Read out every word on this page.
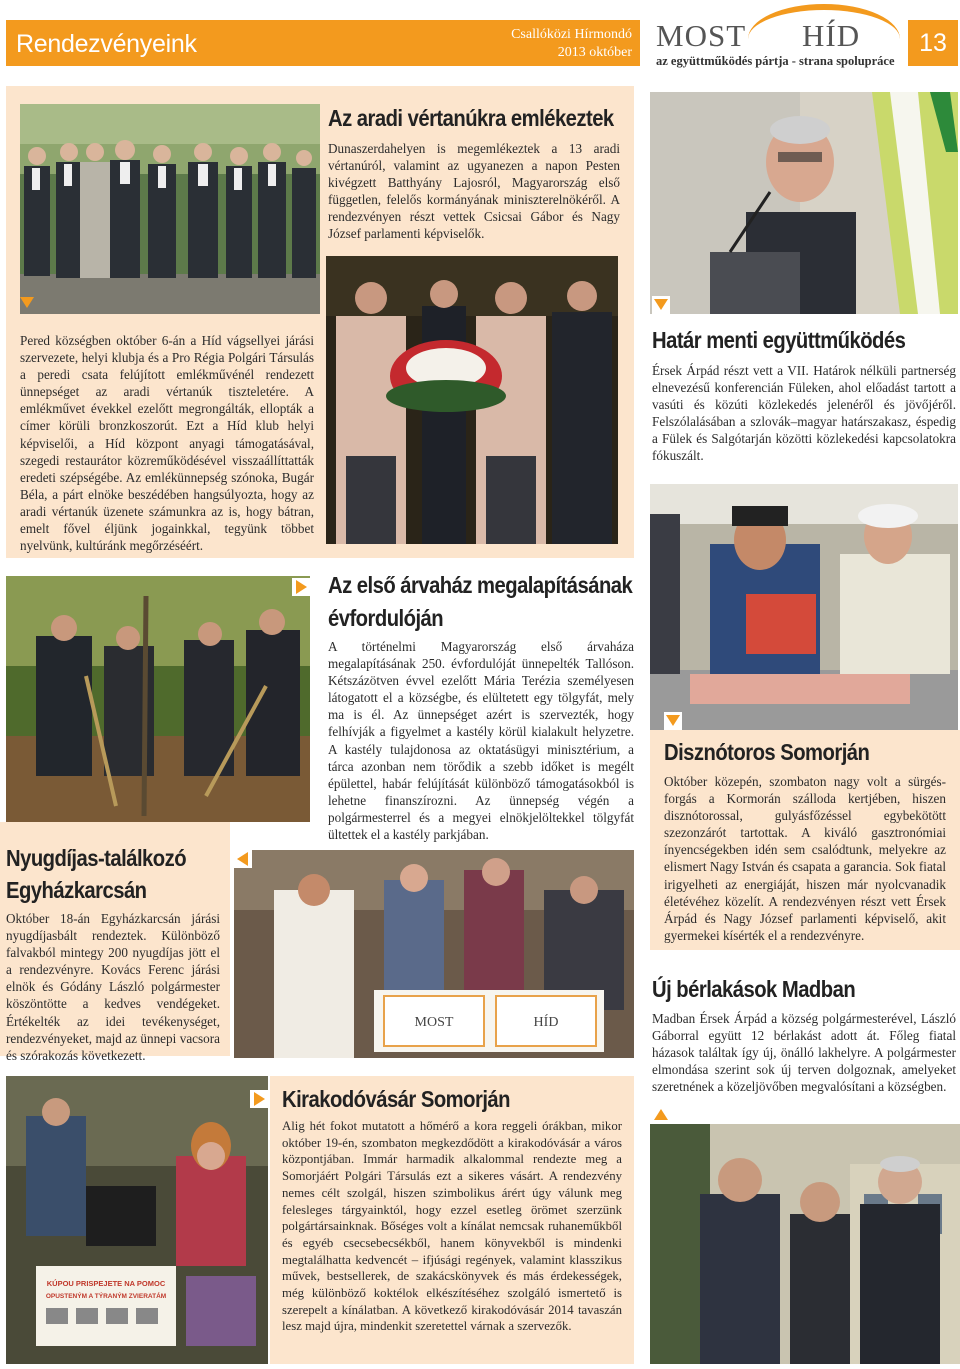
Rendezvényeink	Csallóközi Hírmondó
2013 október MOST HÍD
az együttműködés pártja - strana spolupráce
13
Az aradi vértanúkra emlékeztek
Dunaszerdahelyen is megemlékeztek a 13 aradi vértanúról, valamint az ugyanezen a napon Pesten kivégzett Batthyány Lajosról, Magyarország első független, felelős kormányának miniszterelnökéről. A rendezvényen részt vettek Csicsai Gábor és Nagy József parlamenti képviselők.
Pered községben október 6-án a Híd vágsellyei járási szervezete, helyi klubja és a Pro Régia Polgári Társulás a peredi csata felújított emlékművénél rendezett ünnepséget az aradi vértanúk tiszteletére. A emlékművet évekkel ezelőtt megrongálták, ellopták a címer körüli bronzkoszorút. Ezt a Híd klub helyi képviselői, a Híd központ anyagi támogatásával, szegedi restaurátor közreműködésével visszaállíttatták eredeti szépségébe. Az emlékünnepség szónoka, Bugár Béla, a párt elnöke beszédében hangsúlyozta, hogy az aradi vértanúk üzenete számunkra az is, hogy bátran, emelt fővel éljünk jogainkkal, tegyünk többet nyelvünk, kultúránk megőrzéséért.
Határ menti együttműködés
Érsek Árpád részt vett a VII. Határok nélküli partnerség elnevezésű konferencián Füleken, ahol előadást tartott a vasúti és közúti közlekedés jelenéről és jövőjéről. Felszólalásában a szlovák–magyar határszakasz, éspedig a Fülek és Salgótarján közötti közlekedési kapcsolatokra fókuszált.
Az első árvaház megalapításának
évfordulóján
A történelmi Magyarország első árvaháza megalapításának 250. évfordulóját ünnepelték Tallóson. Kétszázötven évvel ezelőtt Mária Terézia személyesen látogatott el a községbe, és elültetett egy tölgyfát, mely ma is él. Az ünnepséget azért is szervezték, hogy felhívják a figyelmet a kastély körül kialakult helyzetre. A kastély tulajdonosa az oktatásügyi minisztérium, a tárca azonban nem törődik a szebb időket is megélt épülettel, habár felújítását különböző támogatásokból is lehetne finanszírozni. Az ünnepség végén a polgármesterrel és a megyei elnökjelöltekkel tölgyfát ültettek el a kastély parkjában.
Disznótoros Somorján
Október közepén, szombaton nagy volt a sürgés-forgás a Kormorán szálloda kertjében, hiszen disznótorossal, gulyásfőzéssel egybekötött szezonzárót tartottak. A kiváló gasztronómiai ínyencségekben idén sem csalódtunk, melyekre az elismert Nagy István és csapata a garancia. Sok fiatal irigyelheti az energiáját, hiszen már nyolcvanadik életévéhez közelít. A rendezvényen részt vett Érsek Árpád és Nagy József parlamenti képviselő, akit gyermekei kísérték el a rendezvényre.
Nyugdíjas-találkozó
Egyházkarcsán
Október 18-án Egyházkarcsán járási nyugdíjasbált rendeztek. Különböző falvakból mintegy 200 nyugdíjas jött el a rendezvényre. Kovács Ferenc járási elnök és Gódány László polgármester köszöntötte a kedves vendégeket. Értékelték az idei tevékenységet, rendezvényeket, majd az ünnepi vacsora és szórakozás következett.
MOST	HÍD
Új bérlakások Madban
Madban Érsek Árpád a község polgármesterével, László Gáborral együtt 12 bérlakást adott át. Főleg fiatal házasok találtak így új, önálló lakhelyre. A polgármester elmondása szerint sok új terven dolgoznak, amelyeket szeretnének a közeljövőben megvalósítani a községben.
KÚPOU PRISPEJETE NA POMOC
OPUSTENÝM A TÝRANÝM ZVIERATÁM
Kirakodóvásár Somorján
Alig hét fokot mutatott a hőmérő a kora reggeli órákban, mikor október 19-én, szombaton megkezdődött a kirakodóvásár a város központjában. Immár harmadik alkalommal rendezte meg a Somorjáért Polgári Társulás ezt a sikeres vásárt. A rendezvény nemes célt szolgál, hiszen szimbolikus árért úgy válunk meg felesleges tárgyainktól, hogy ezzel esetleg örömet szerzünk polgártársainknak. Bőséges volt a kínálat nemcsak ruhaneműkből és egyéb csecsebecsékből, hanem könyvekből is mindenki megtalálhatta kedvencét – ifjúsági regények, valamint klasszikus művek, bestsellerek, de szakácskönyvek és más érdekességek, még különböző koktélok elkészítéséhez szolgáló ismertető is szerepelt a kínálatban. A következő kirakodóvásár 2014 tavaszán lesz majd újra, mindenkit szeretettel várnak a szervezők.
